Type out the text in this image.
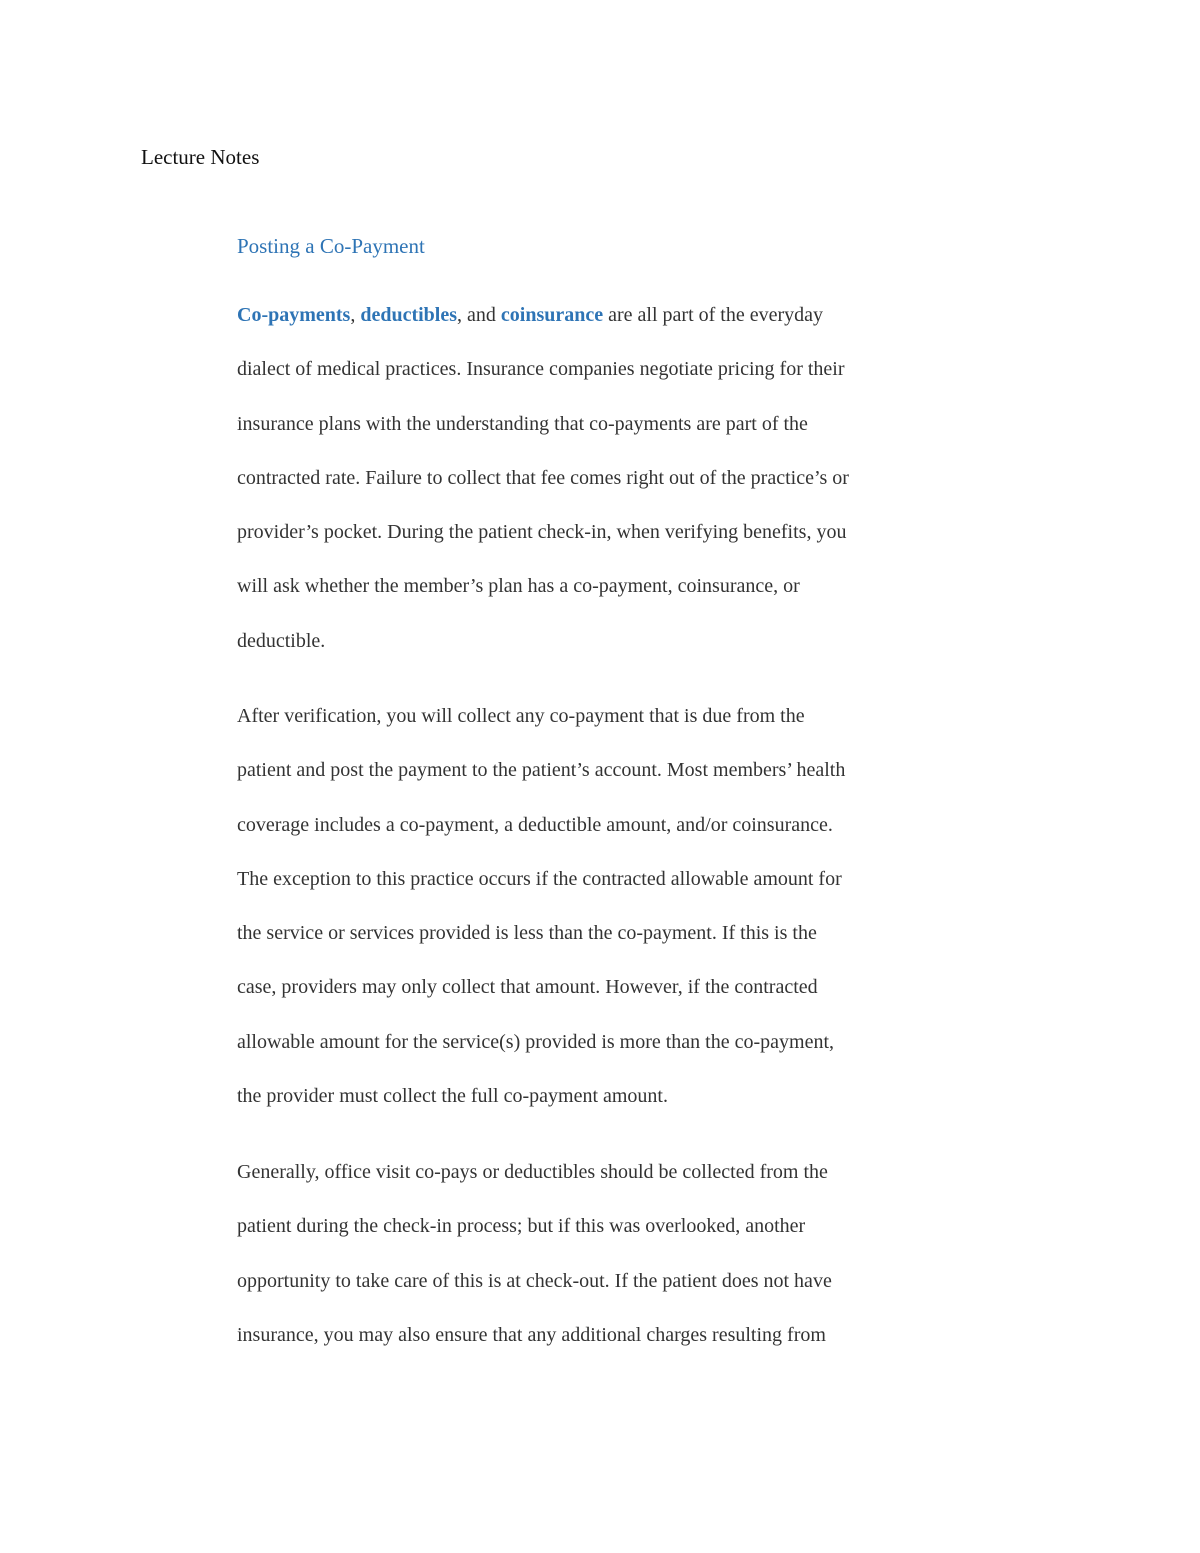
Lecture Notes
Posting a Co-Payment

Co-payments, deductibles, and coinsurance are all part of the everyday
dialect of medical practices. Insurance companies negotiate pricing for their
insurance plans with the understanding that co-payments are part of the
contracted rate. Failure to collect that fee comes right out of the practice’s or
provider’s pocket. During the patient check-in, when verifying benefits, you
will ask whether the member’s plan has a co-payment, coinsurance, or
deductible.

After verification, you will collect any co-payment that is due from the
patient and post the payment to the patient’s account. Most members’ health
coverage includes a co-payment, a deductible amount, and/or coinsurance.
The exception to this practice occurs if the contracted allowable amount for
the service or services provided is less than the co-payment. If this is the
case, providers may only collect that amount. However, if the contracted
allowable amount for the service(s) provided is more than the co-payment,
the provider must collect the full co-payment amount.

Generally, office visit co-pays or deductibles should be collected from the
patient during the check-in process; but if this was overlooked, another
opportunity to take care of this is at check-out. If the patient does not have
insurance, you may also ensure that any additional charges resulting from
